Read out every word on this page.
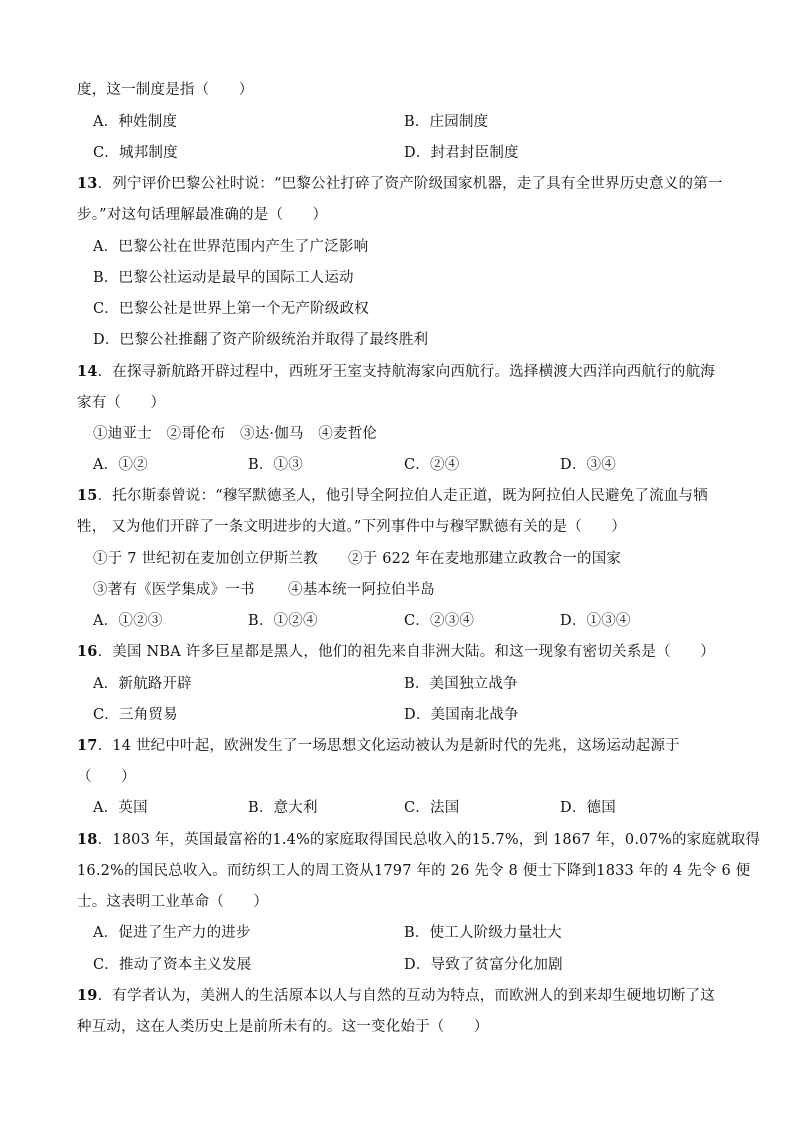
度，这一制度是指（　　）
A．种姓制度	B．庄园制度
C．城邦制度	D．封君封臣制度
13．列宁评价巴黎公社时说：“巴黎公社打碎了资产阶级国家机器，走了具有全世界历史意义的第一
步。”对这句话理解最准确的是（　　）
A．巴黎公社在世界范围内产生了广泛影响
B．巴黎公社运动是最早的国际工人运动
C．巴黎公社是世界上第一个无产阶级政权
D．巴黎公社推翻了资产阶级统治并取得了最终胜利
14．在探寻新航路开辟过程中，西班牙王室支持航海家向西航行。选择横渡大西洋向西航行的航海
家有（　　）
①迪亚士　②哥伦布　③达·伽马　④麦哲伦
A．①②	B．①③	C．②④	D．③④
15．托尔斯泰曾说：“穆罕默德圣人，他引导全阿拉伯人走正道，既为阿拉伯人民避免了流血与牺
牲， 又为他们开辟了一条文明进步的大道。”下列事件中与穆罕默德有关的是（　　）
①于 7 世纪初在麦加创立伊斯兰教 ②于 622 年在麦地那建立政教合一的国家
③著有《医学集成》一书 ④基本统一阿拉伯半岛
A．①②③	B．①②④	C．②③④	D．①③④
16．美国 NBA 许多巨星都是黑人，他们的祖先来自非洲大陆。和这一现象有密切关系是（　　）
A．新航路开辟	B．美国独立战争
C．三角贸易	D．美国南北战争
17．14 世纪中叶起，欧洲发生了一场思想文化运动被认为是新时代的先兆，这场运动起源于
（　　）
A．英国	B．意大利	C．法国	D．德国
18．1803 年，英国最富裕的1.4%的家庭取得国民总收入的15.7%，到 1867 年，0.07%的家庭就取得
16.2%的国民总收入。而纺织工人的周工资从1797 年的 26 先令 8 便士下降到1833 年的 4 先令 6 便
士。这表明工业革命（　　）
A．促进了生产力的进步	B．使工人阶级力量壮大
C．推动了资本主义发展	D．导致了贫富分化加剧
19．有学者认为，美洲人的生活原本以人与自然的互动为特点，而欧洲人的到来却生硬地切断了这
种互动，这在人类历史上是前所未有的。这一变化始于（　　）
